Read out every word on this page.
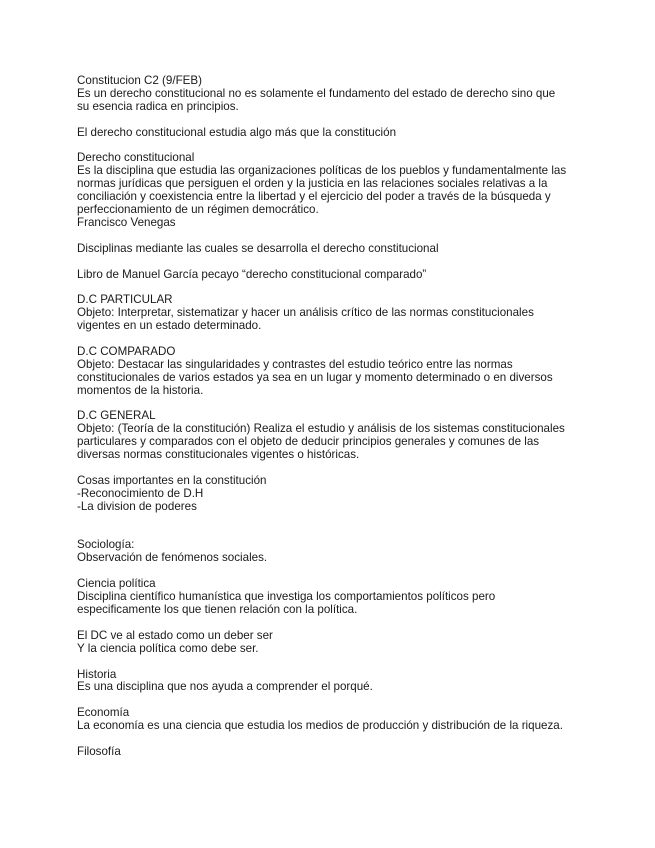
Constitucion C2 (9/FEB)
Es un derecho constitucional no es solamente el fundamento del estado de derecho sino que
su esencia radica en principios.
El derecho constitucional estudia algo más que la constitución
Derecho constitucional
Es la disciplina que estudia las organizaciones políticas de los pueblos y fundamentalmente las
normas jurídicas que persiguen el orden y la justicia en las relaciones sociales relativas a la
conciliación y coexistencia entre la libertad y el ejercicio del poder a través de la búsqueda y
perfeccionamiento de un régimen democrático.
Francisco Venegas
Disciplinas mediante las cuales se desarrolla el derecho constitucional
Libro de Manuel García pecayo “derecho constitucional comparado”
D.C PARTICULAR
Objeto: Interpretar, sistematizar y hacer un análisis crítico de las normas constitucionales
vigentes en un estado determinado.
D.C COMPARADO
Objeto: Destacar las singularidades y contrastes del estudio teórico entre las normas
constitucionales de varios estados ya sea en un lugar y momento determinado o en diversos
momentos de la historia.
D.C GENERAL
Objeto: (Teoría de la constitución) Realiza el estudio y análisis de los sistemas constitucionales
particulares y comparados con el objeto de deducir principios generales y comunes de las
diversas normas constitucionales vigentes o históricas.
Cosas importantes en la constitución
-Reconocimiento de D.H
-La division de poderes
Sociología:
Observación de fenómenos sociales.
Ciencia política
Disciplina científico humanística que investiga los comportamientos políticos pero
especificamente los que tienen relación con la política.
El DC ve al estado como un deber ser
Y la ciencia política como debe ser.
Historia
Es una disciplina que nos ayuda a comprender el porqué.
Economía
La economía es una ciencia que estudia los medios de producción y distribución de la riqueza.
Filosofía
